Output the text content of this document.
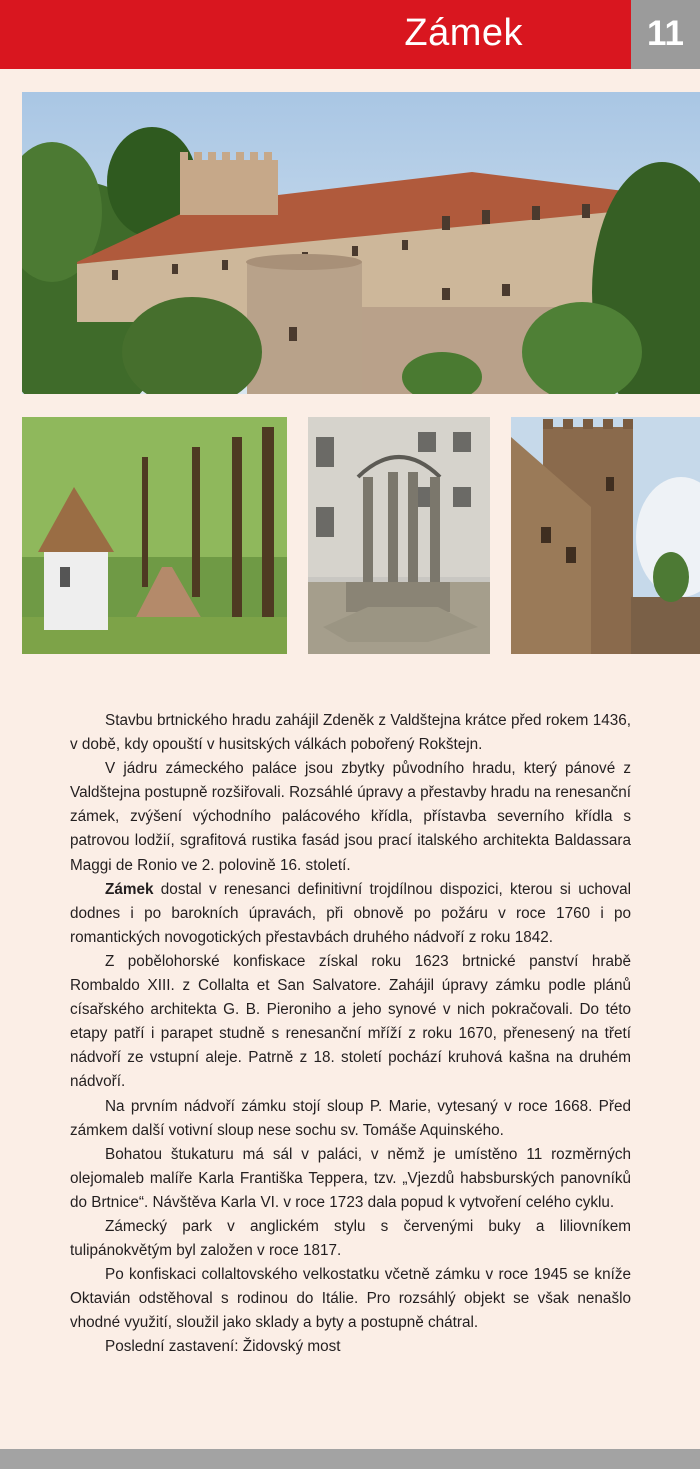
Zámek	11

Stavbu brtnického hradu zahájil Zdeněk z Valdštejna krátce před rokem 1436, v době, kdy opouští v husitských válkách pobořený Rokštejn.

V jádru zámeckého paláce jsou zbytky původního hradu, který pánové z Valdštejna postupně rozšiřovali. Rozsáhlé úpravy a přestavby hradu na renesanční zámek, zvýšení východního palácového křídla, přístavba severního křídla s patrovou lodžií, sgrafitová rustika fasád jsou prací italského architekta Baldassara Maggi de Ronio ve 2. polovině 16. století.

Zámek dostal v renesanci definitivní trojdílnou dispozici, kterou si uchoval dodnes i po barokních úpravách, při obnově po požáru v roce 1760 i po romantických novogotických přestavbách druhého nádvoří z roku 1842.

Z pobělohorské konfiskace získal roku 1623 brtnické panství hrabě Rombaldo XIII. z Collalta et San Salvatore. Zahájil úpravy zámku podle plánů císařského architekta G. B. Pieroniho a jeho synové v nich pokračovali. Do této etapy patří i parapet studně s renesanční mříží z roku 1670, přenesený na třetí nádvoří ze vstupní aleje. Patrně z 18. století pochází kruhová kašna na druhém nádvoří.

Na prvním nádvoří zámku stojí sloup P. Marie, vytesaný v roce 1668. Před zámkem další votivní sloup nese sochu sv. Tomáše Aquinského.

Bohatou štukaturu má sál v paláci, v němž je umístěno 11 rozměrných olejomaleb malíře Karla Františka Teppera, tzv. „Vjezdů habsburských panovníků do Brtnice“. Návštěva Karla VI. v roce 1723 dala popud k vytvoření celého cyklu.

Zámecký park v anglickém stylu s červenými buky a liliovníkem tulipánokvětým byl založen v roce 1817.

Po konfiskaci collaltovského velkostatku včetně zámku v roce 1945 se kníže Oktavián odstěhoval s rodinou do Itálie. Pro rozsáhlý objekt se však nenašlo vhodné využití, sloužil jako sklady a byty a postupně chátral.

Poslední zastavení: Židovský most
